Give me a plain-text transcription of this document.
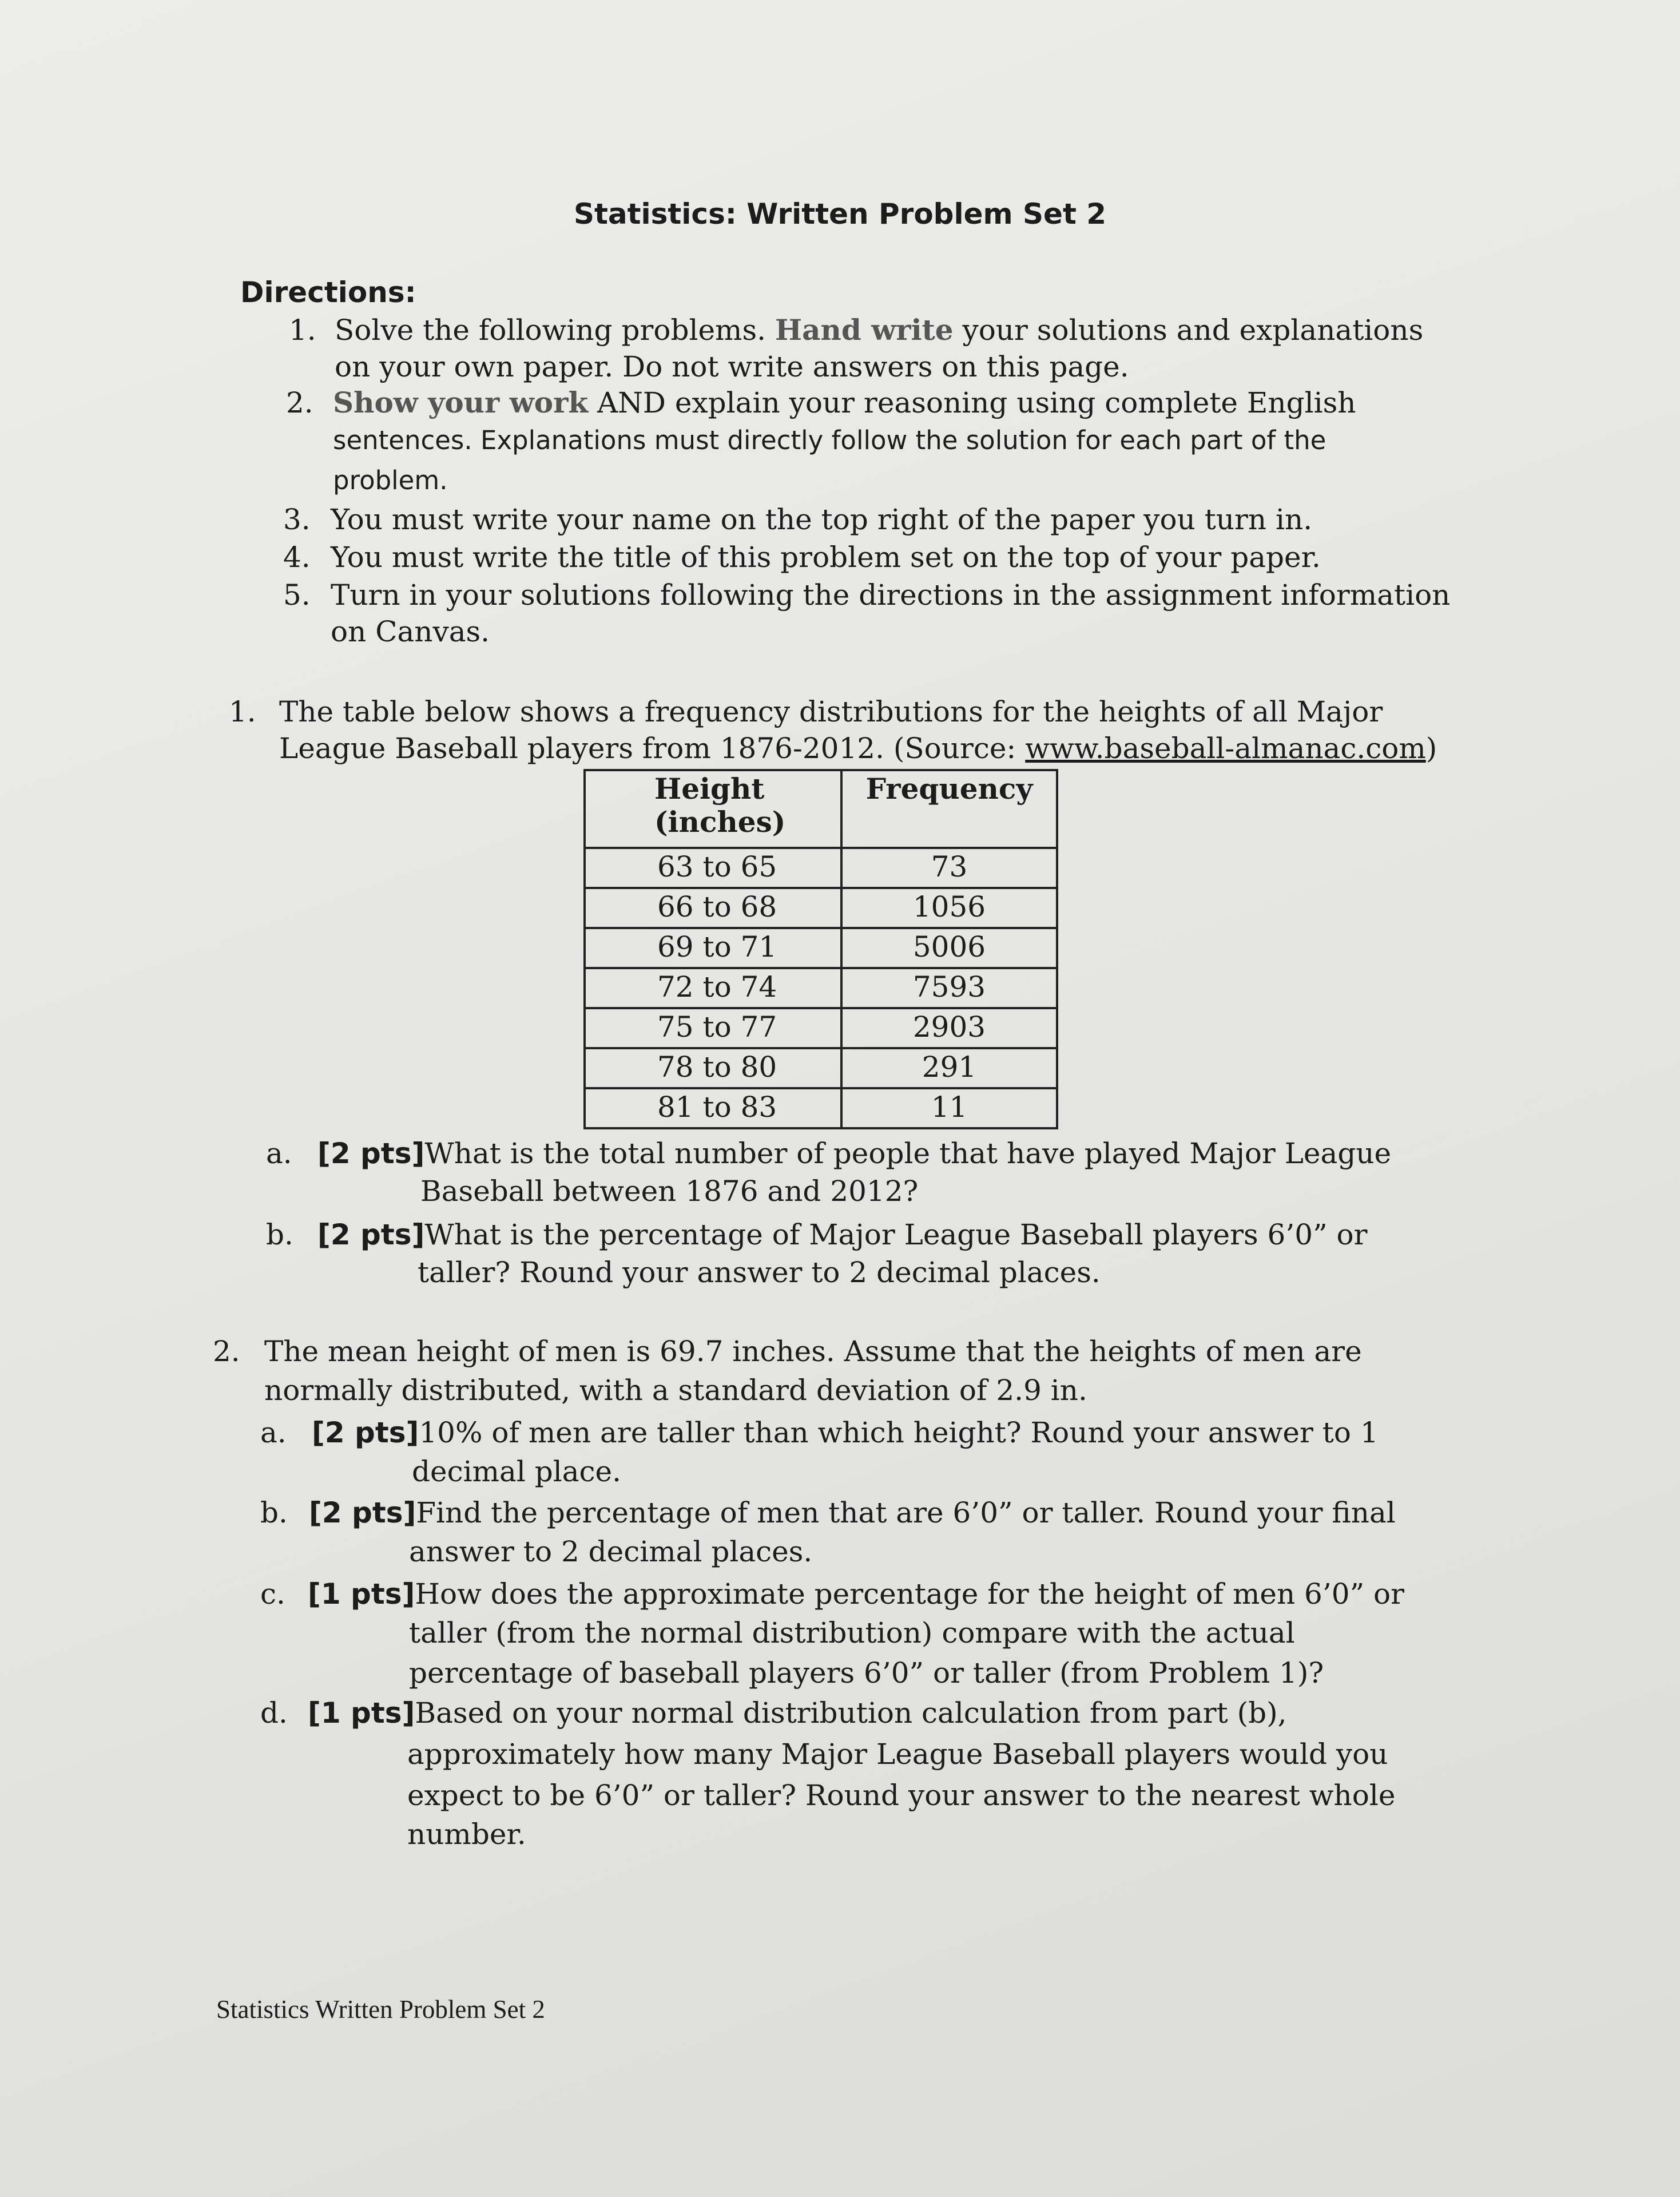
Statistics: Written Problem Set 2
Directions:
1. Solve the following problems. Hand write your solutions and explanations
on your own paper. Do not write answers on this page.
2. Show your work AND explain your reasoning using complete English
sentences. Explanations must directly follow the solution for each part of the
problem.
3. You must write your name on the top right of the paper you turn in.
4. You must write the title of this problem set on the top of your paper.
5. Turn in your solutions following the directions in the assignment information
on Canvas.
1. The table below shows a frequency distributions for the heights of all Major
League Baseball players from 1876-2012. (Source: www.baseball-almanac.com)
Height (inches)	Frequency
63 to 65	73
66 to 68	1056
69 to 71	5006
72 to 74	7593
75 to 77	2903
78 to 80	291
81 to 83	11
a. [2 pts]What is the total number of people that have played Major League
Baseball between 1876 and 2012?
b. [2 pts]What is the percentage of Major League Baseball players 6’0” or
taller? Round your answer to 2 decimal places.
2. The mean height of men is 69.7 inches. Assume that the heights of men are
normally distributed, with a standard deviation of 2.9 in.
a. [2 pts]10% of men are taller than which height? Round your answer to 1
decimal place.
b. [2 pts]Find the percentage of men that are 6’0” or taller. Round your final
answer to 2 decimal places.
c. [1 pts]How does the approximate percentage for the height of men 6’0” or
taller (from the normal distribution) compare with the actual
percentage of baseball players 6’0” or taller (from Problem 1)?
d. [1 pts]Based on your normal distribution calculation from part (b),
approximately how many Major League Baseball players would you
expect to be 6’0” or taller? Round your answer to the nearest whole
number.
Statistics Written Problem Set 2
